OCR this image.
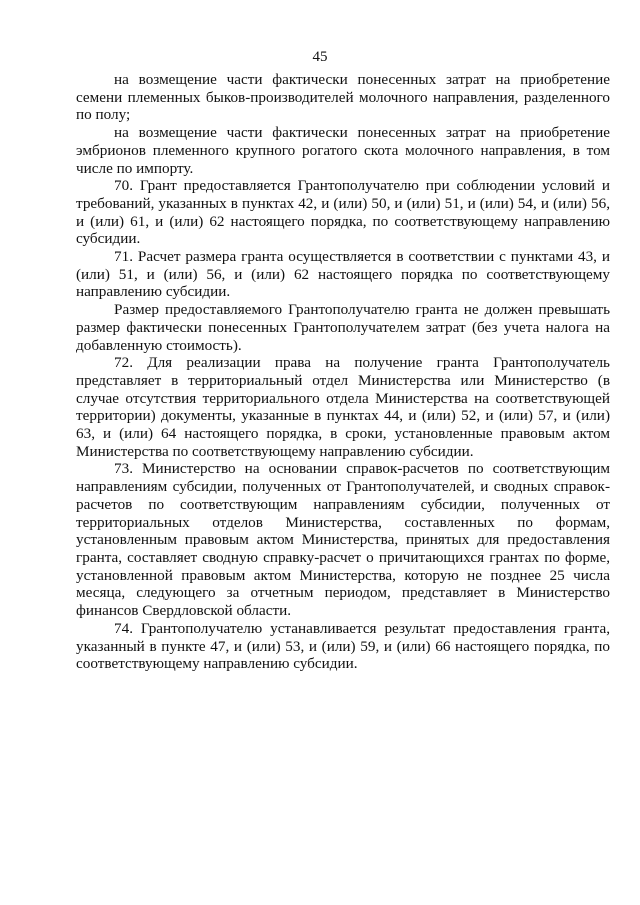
45

на возмещение части фактически понесенных затрат на приобретение семени племенных быков-производителей молочного направления, разделенного по полу;

на возмещение части фактически понесенных затрат на приобретение эмбрионов племенного крупного рогатого скота молочного направления, в том числе по импорту.

70. Грант предоставляется Грантополучателю при соблюдении условий и требований, указанных в пунктах 42, и (или) 50, и (или) 51, и (или) 54, и (или) 56, и (или) 61, и (или) 62 настоящего порядка, по соответствующему направлению субсидии.

71. Расчет размера гранта осуществляется в соответствии с пунктами 43, и (или) 51, и (или) 56, и (или) 62 настоящего порядка по соответствующему направлению субсидии.

Размер предоставляемого Грантополучателю гранта не должен превышать размер фактически понесенных Грантополучателем затрат (без учета налога на добавленную стоимость).

72. Для реализации права на получение гранта Грантополучатель представляет в территориальный отдел Министерства или Министерство (в случае отсутствия территориального отдела Министерства на соответствующей территории) документы, указанные в пунктах 44, и (или) 52, и (или) 57, и (или) 63, и (или) 64 настоящего порядка, в сроки, установленные правовым актом Министерства по соответствующему направлению субсидии.

73. Министерство на основании справок-расчетов по соответствующим направлениям субсидии, полученных от Грантополучателей, и сводных справок-расчетов по соответствующим направлениям субсидии, полученных от территориальных отделов Министерства, составленных по формам, установленным правовым актом Министерства, принятых для предоставления гранта, составляет сводную справку-расчет о причитающихся грантах по форме, установленной правовым актом Министерства, которую не позднее 25 числа месяца, следующего за отчетным периодом, представляет в Министерство финансов Свердловской области.

74. Грантополучателю устанавливается результат предоставления гранта, указанный в пункте 47, и (или) 53, и (или) 59, и (или) 66 настоящего порядка, по соответствующему направлению субсидии.
